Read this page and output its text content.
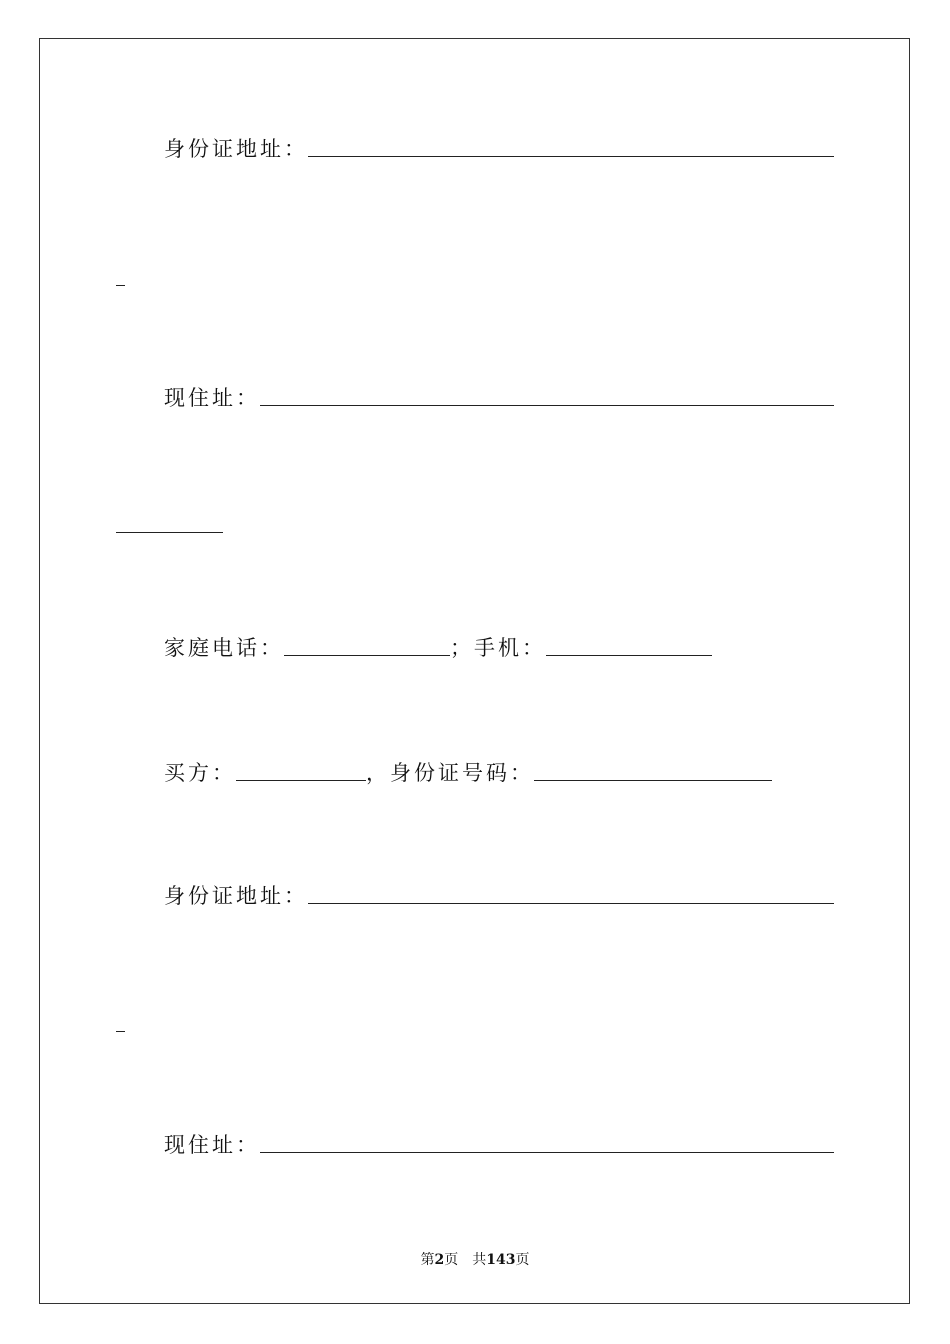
身份证地址：
现住址：
家庭电话：	； 手机：
买方：	， 身份证号码：
身份证地址：
现住址：
第2页 共143页
